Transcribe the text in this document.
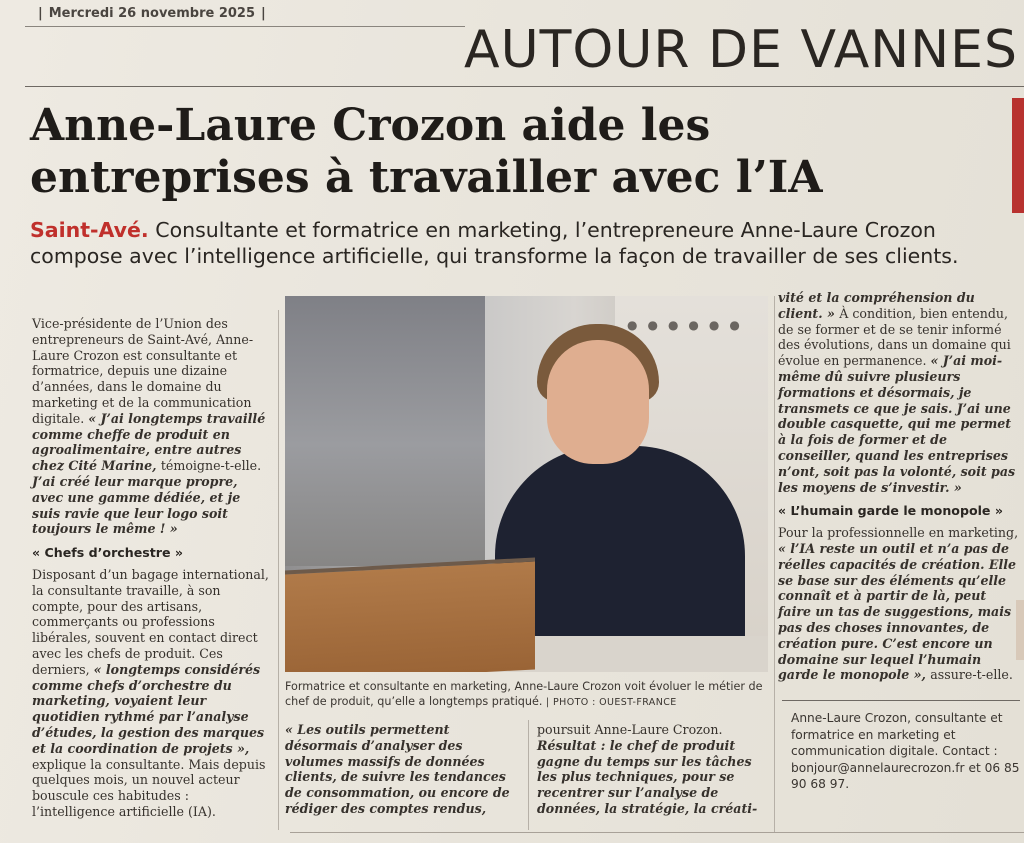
| Mercredi 26 novembre 2025 |
AUTOUR DE VANNES
Anne-Laure Crozon aide les entreprises à travailler avec l’IA

Saint-Avé. Consultante et formatrice en marketing, l’entrepreneure Anne-Laure Crozon compose avec l’intelligence artificielle, qui transforme la façon de travailler de ses clients.

Vice-présidente de l’Union des entrepreneurs de Saint-Avé, Anne-Laure Crozon est consultante et formatrice, depuis une dizaine d’années, dans le domaine du marketing et de la communication digitale. « J’ai longtemps travaillé comme cheffe de produit en agroalimentaire, entre autres chez Cité Marine, témoigne-t-elle. J’ai créé leur marque propre, avec une gamme dédiée, et je suis ravie que leur logo soit toujours le même ! »

« Chefs d’orchestre »

Disposant d’un bagage international, la consultante travaille, à son compte, pour des artisans, commerçants ou professions libérales, souvent en contact direct avec les chefs de produit. Ces derniers, « longtemps considérés comme chefs d’orchestre du marketing, voyaient leur quotidien rythmé par l’analyse d’études, la gestion des marques et la coordination de projets », explique la consultante. Mais depuis quelques mois, un nouvel acteur bouscule ces habitudes : l’intelligence artificielle (IA).

●●●●●●

Formatrice et consultante en marketing, Anne-Laure Crozon voit évoluer le métier de chef de produit, qu’elle a longtemps pratiqué. | PHOTO : OUEST-FRANCE

« Les outils permettent désormais d’analyser des volumes massifs de données clients, de suivre les tendances de consommation, ou encore de rédiger des comptes rendus,

poursuit Anne-Laure Crozon. Résultat : le chef de produit gagne du temps sur les tâches les plus techniques, pour se recentrer sur l’analyse de données, la stratégie, la créati-

vité et la compréhension du client. » À condition, bien entendu, de se former et de se tenir informé des évolutions, dans un domaine qui évolue en permanence. « J’ai moi-même dû suivre plusieurs formations et désormais, je transmets ce que je sais. J’ai une double casquette, qui me permet à la fois de former et de conseiller, quand les entreprises n’ont, soit pas la volonté, soit pas les moyens de s’investir. »

« L’humain garde le monopole »

Pour la professionnelle en marketing, « l’IA reste un outil et n’a pas de réelles capacités de création. Elle se base sur des éléments qu’elle connaît et à partir de là, peut faire un tas de suggestions, mais pas des choses innovantes, de création pure. C’est encore un domaine sur lequel l’humain garde le monopole », assure-t-elle.

Anne-Laure Crozon, consultante et formatrice en marketing et communication digitale. Contact : bonjour@annelaurecrozon.fr et 06 85 90 68 97.
